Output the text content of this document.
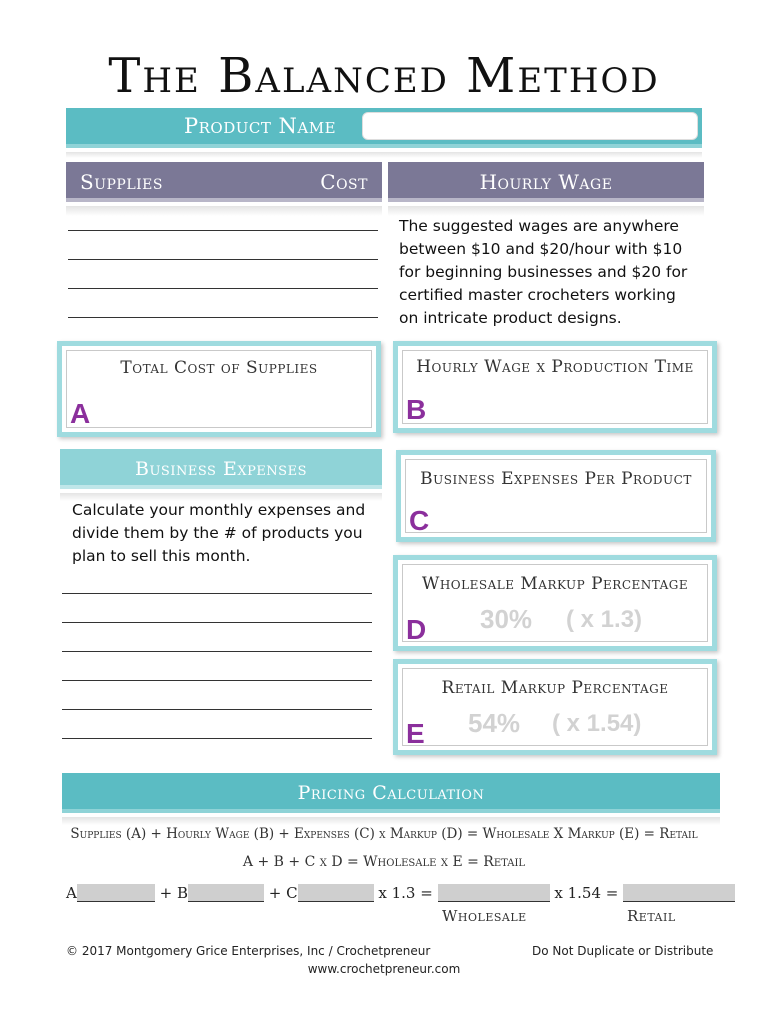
The Balanced Method
Product Name
Supplies	Cost	Hourly Wage
The suggested wages are anywhere between $10 and $20/hour with $10 for beginning businesses and $20 for certified master crocheters working on intricate product designs.
Total Cost of Supplies
A
Hourly Wage x Production Time
B
Business Expenses
Calculate your monthly expenses and divide them by the # of products you plan to sell this month.
Business Expenses Per Product
C
Wholesale Markup Percentage
30% ( x 1.3)
D
Retail Markup Percentage
54% ( x 1.54)
E
Pricing Calculation
Supplies (A) + Hourly Wage (B) + Expenses (C) x Markup (D) = Wholesale X Markup (E) = Retail
A + B + C x D = Wholesale x E = Retail
A	+ B	+ C	x 1.3 =	x 1.54 =
Wholesale	Retail
© 2017 Montgomery Grice Enterprises, Inc / Crochetpreneur	Do Not Duplicate or Distribute
www.crochetpreneur.com
